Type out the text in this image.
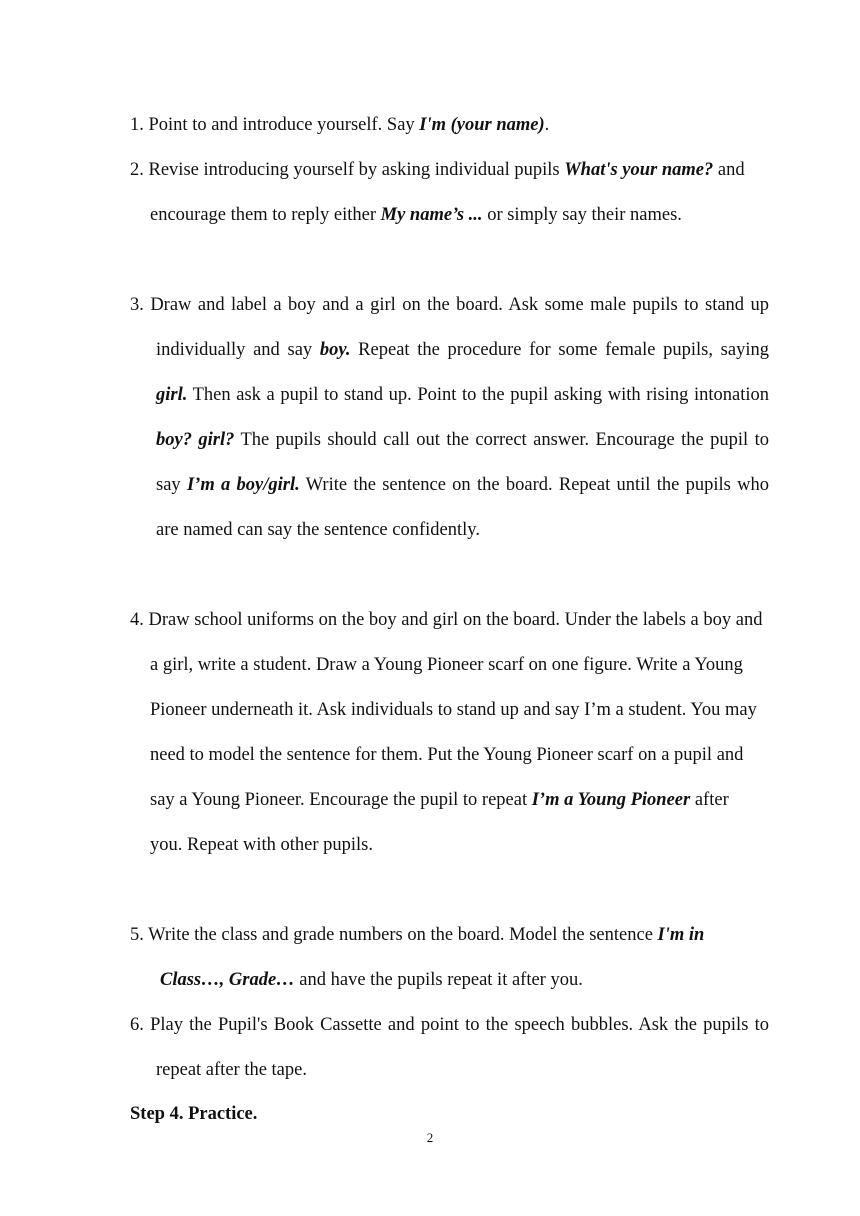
1. Point to and introduce yourself. Say I'm (your name).

2. Revise introducing yourself by asking individual pupils What's your name? and encourage them to reply either My name’s ... or simply say their names.

3. Draw and label a boy and a girl on the board. Ask some male pupils to stand up individually and say boy. Repeat the procedure for some female pupils, saying girl. Then ask a pupil to stand up. Point to the pupil asking with rising intonation boy? girl? The pupils should call out the correct answer. Encourage the pupil to say I’m a boy/girl. Write the sentence on the board. Repeat until the pupils who are named can say the sentence confidently.

4. Draw school uniforms on the boy and girl on the board. Under the labels a boy and a girl, write a student. Draw a Young Pioneer scarf on one figure. Write a Young Pioneer underneath it. Ask individuals to stand up and say I’m a student. You may need to model the sentence for them. Put the Young Pioneer scarf on a pupil and say a Young Pioneer. Encourage the pupil to repeat I’m a Young Pioneer after you. Repeat with other pupils.

5. Write the class and grade numbers on the board. Model the sentence I'm in Class…, Grade… and have the pupils repeat it after you.

6. Play the Pupil's Book Cassette and point to the speech bubbles. Ask the pupils to repeat after the tape.

Step 4. Practice.

2
